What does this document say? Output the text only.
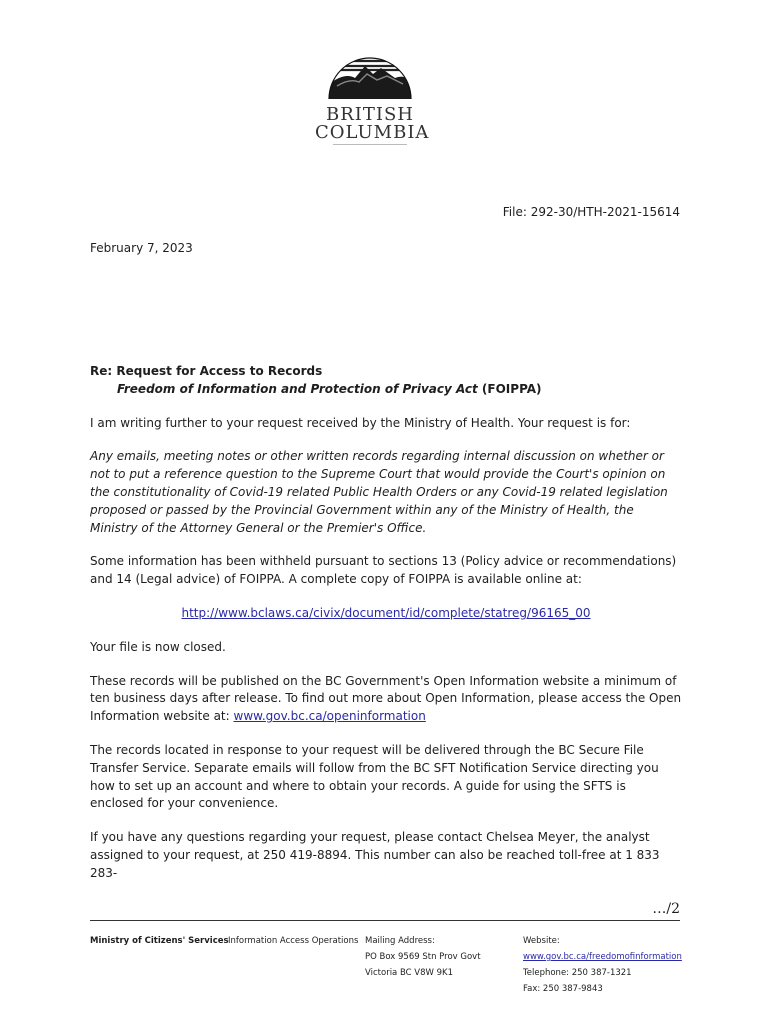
BRITISH
COLUMBIA
File: 292-30/HTH-2021-15614
February 7, 2023
Re: Request for Access to Records

Freedom of Information and Protection of Privacy Act (FOIPPA)

I am writing further to your request received by the Ministry of Health. Your request is for:

Any emails, meeting notes or other written records regarding internal discussion on whether or not to put a reference question to the Supreme Court that would provide the Court's opinion on the constitutionality of Covid-19 related Public Health Orders or any Covid-19 related legislation proposed or passed by the Provincial Government within any of the Ministry of Health, the Ministry of the Attorney General or the Premier's Office.

Some information has been withheld pursuant to sections 13 (Policy advice or recommendations) and 14 (Legal advice) of FOIPPA. A complete copy of FOIPPA is available online at:

http://www.bclaws.ca/civix/document/id/complete/statreg/96165_00

Your file is now closed.

These records will be published on the BC Government's Open Information website a minimum of ten business days after release. To find out more about Open Information, please access the Open Information website at: www.gov.bc.ca/openinformation

The records located in response to your request will be delivered through the BC Secure File Transfer Service. Separate emails will follow from the BC SFT Notification Service directing you how to set up an account and where to obtain your records. A guide for using the SFTS is enclosed for your convenience.

If you have any questions regarding your request, please contact Chelsea Meyer, the analyst assigned to your request, at 250 419-8894. This number can also be reached toll-free at 1 833 283-

…/2
Ministry of Citizens' Services Information Access Operations Mailing Address:
PO Box 9569 Stn Prov Govt
Victoria BC V8W 9K1
Website:
www.gov.bc.ca/freedomofinformation
Telephone: 250 387-1321
Fax: 250 387-9843
